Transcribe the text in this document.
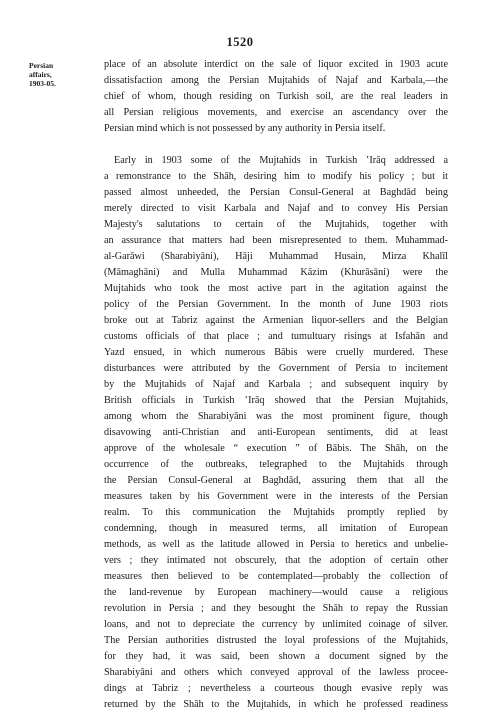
1520
Persian
affairs,
1903-05.
place of an absolute interdict on the sale of liquor excited in 1903 acute
dissatisfaction among the Persian Mujtahids of Najaf and Karbala,—the
chief of whom, though residing on Turkish soil, are the real leaders in
all Persian religious movements, and exercise an ascendancy over the
Persian mind which is not possessed by any authority in Persia itself.
Early in 1903 some of the Mujtahids in Turkish ʽIrāq addressed a
a remonstrance to the Shāh, desiring him to modify his policy ; but it
passed almost unheeded, the Persian Consul-General at Baghdād being
merely directed to visit Karbala and Najaf and to convey His Persian
Majesty's salutations to certain of the Mujtahids, together with
an assurance that matters had been misrepresented to them. Muhammad-
al-Garāwi (Sharabiyāni), Hāji Muhammad Husain, Mirza Khalīl
(Māmaghāni) and Mulla Muhammad Kāzim (Khurāsāni) were the
Mujtahids who took the most active part in the agitation against the
policy of the Persian Government. In the month of June 1903 riots
broke out at Tabriz against the Armenian liquor-sellers and the Belgian
customs officials of that place ; and tumultuary risings at Isfahān and
Yazd ensued, in which numerous Bābis were cruelly murdered. These
disturbances were attributed by the Government of Persia to incitement
by the Mujtahids of Najaf and Karbala ; and subsequent inquiry by
British officials in Turkish ʽIrāq showed that the Persian Mujtahids,
among whom the Sharabiyāni was the most prominent figure, though
disavowing anti-Christian and anti-European sentiments, did at least
approve of the wholesale “ execution ” of Bābis. The Shāh, on the
occurrence of the outbreaks, telegraphed to the Mujtahids through
the Persian Consul-General at Baghdād, assuring them that all the
measures taken by his Government were in the interests of the Persian
realm. To this communication the Mujtahids promptly replied by
condemning, though in measured terms, all imitation of European
methods, as well as the latitude allowed in Persia to heretics and unbelie-
vers ; they intimated not obscurely, that the adoption of certain other
measures then believed to be contemplated—probably the collection of
the land-revenue by European machinery—would cause a religious
revolution in Persia ; and they besought the Shāh to repay the Russian
loans, and not to depreciate the currency by unlimited coinage of silver.
The Persian authorities distrusted the loyal professions of the Mujtahids,
for they had, it was said, been shown a document signed by the
Sharabiyāni and others which conveyed approval of the lawless procee-
dings at Tabriz ; nevertheless a courteous though evasive reply was
returned by the Shāh to the Mujtahids, in which he professed readiness
